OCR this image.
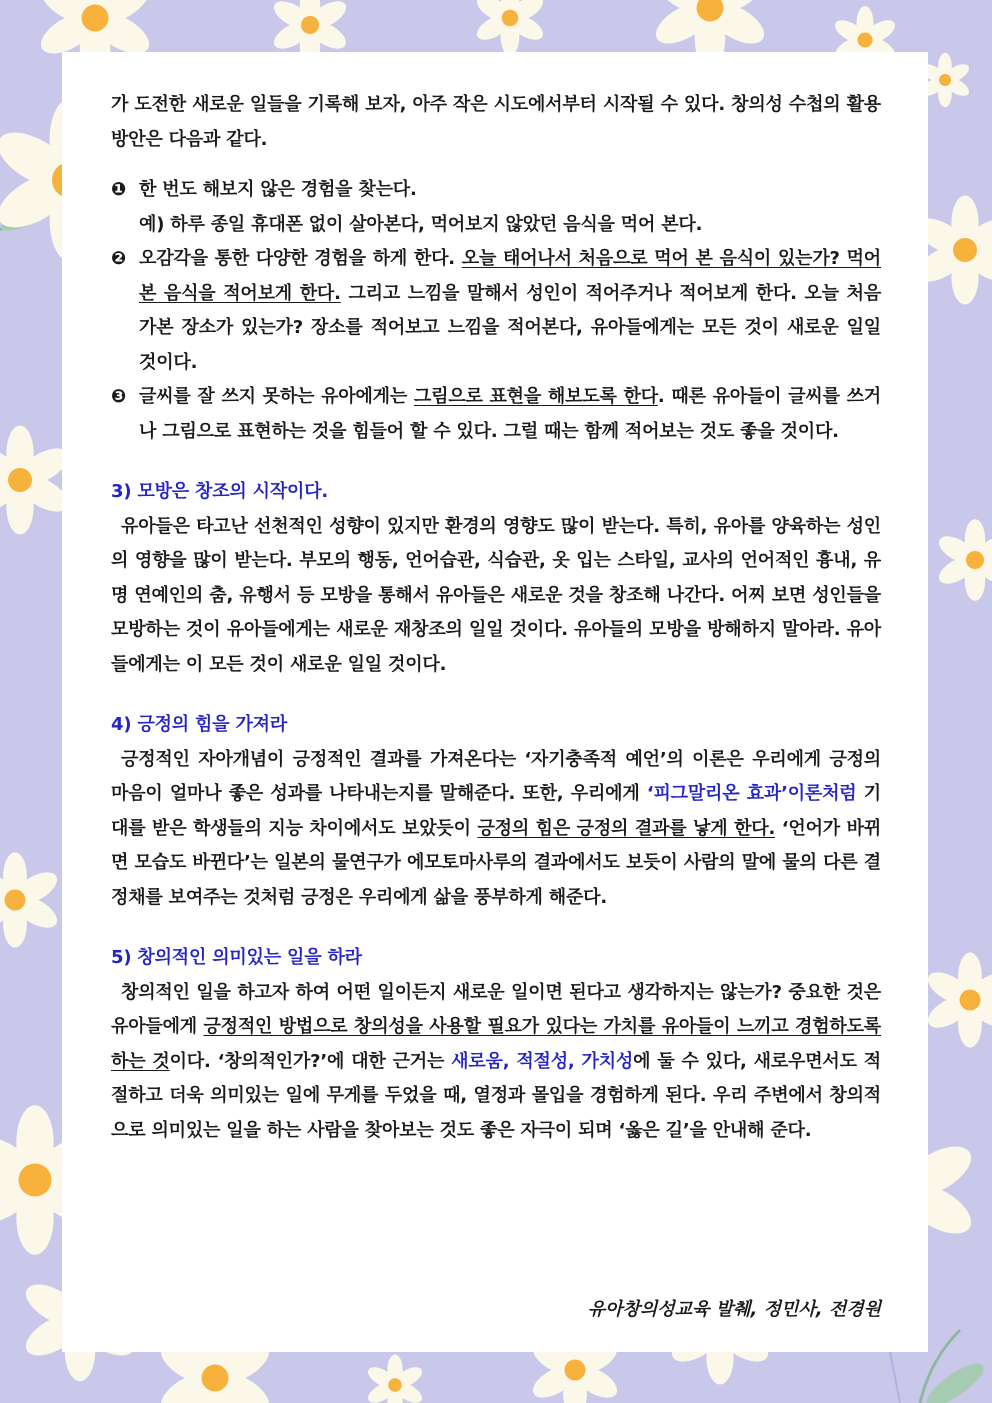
가 도전한 새로운 일들을 기록해 보자, 아주 작은 시도에서부터 시작될 수 있다. 창의성 수첩의 활용방안은 다음과 같다.

❶ 한 번도 해보지 않은 경험을 찾는다.
예) 하루 종일 휴대폰 없이 살아본다, 먹어보지 않았던 음식을 먹어 본다.
❷ 오감각을 통한 다양한 경험을 하게 한다. 오늘 태어나서 처음으로 먹어 본 음식이 있는가? 먹어 본 음식을 적어보게 한다. 그리고 느낌을 말해서 성인이 적어주거나 적어보게 한다. 오늘 처음 가본 장소가 있는가? 장소를 적어보고 느낌을 적어본다, 유아들에게는 모든 것이 새로운 일일 것이다.
❸ 글씨를 잘 쓰지 못하는 유아에게는 그림으로 표현을 해보도록 한다. 때론 유아들이 글씨를 쓰거나 그림으로 표현하는 것을 힘들어 할 수 있다. 그럴 때는 함께 적어보는 것도 좋을 것이다.
3) 모방은 창조의 시작이다.

유아들은 타고난 선천적인 성향이 있지만 환경의 영향도 많이 받는다. 특히, 유아를 양육하는 성인의 영향을 많이 받는다. 부모의 행동, 언어습관, 식습관, 옷 입는 스타일, 교사의 언어적인 흉내, 유명 연예인의 춤, 유행서 등 모방을 통해서 유아들은 새로운 것을 창조해 나간다. 어찌 보면 성인들을 모방하는 것이 유아들에게는 새로운 재창조의 일일 것이다. 유아들의 모방을 방해하지 말아라. 유아들에게는 이 모든 것이 새로운 일일 것이다.

4) 긍정의 힘을 가져라

긍정적인 자아개념이 긍정적인 결과를 가져온다는 ‘자기충족적 예언’의 이론은 우리에게 긍정의 마음이 얼마나 좋은 성과를 나타내는지를 말해준다. 또한, 우리에게 ‘피그말리온 효과’이론처럼 기대를 받은 학생들의 지능 차이에서도 보았듯이 긍정의 힘은 긍정의 결과를 낳게 한다. ‘언어가 바뀌면 모습도 바뀐다’는 일본의 물연구가 에모토마사루의 결과에서도 보듯이 사람의 말에 물의 다른 결정채를 보여주는 것처럼 긍정은 우리에게 삶을 풍부하게 해준다.

5) 창의적인 의미있는 일을 하라

창의적인 일을 하고자 하여 어떤 일이든지 새로운 일이면 된다고 생각하지는 않는가? 중요한 것은 유아들에게 긍정적인 방법으로 창의성을 사용할 필요가 있다는 가치를 유아들이 느끼고 경험하도록 하는 것이다. ‘창의적인가?’에 대한 근거는 새로움, 적절성, 가치성에 둘 수 있다, 새로우면서도 적절하고 더욱 의미있는 일에 무게를 두었을 때, 열정과 몰입을 경험하게 된다. 우리 주변에서 창의적으로 의미있는 일을 하는 사람을 찾아보는 것도 좋은 자극이 되며 ‘옳은 길’을 안내해 준다.

유아창의성교육 발췌, 정민사, 전경원
